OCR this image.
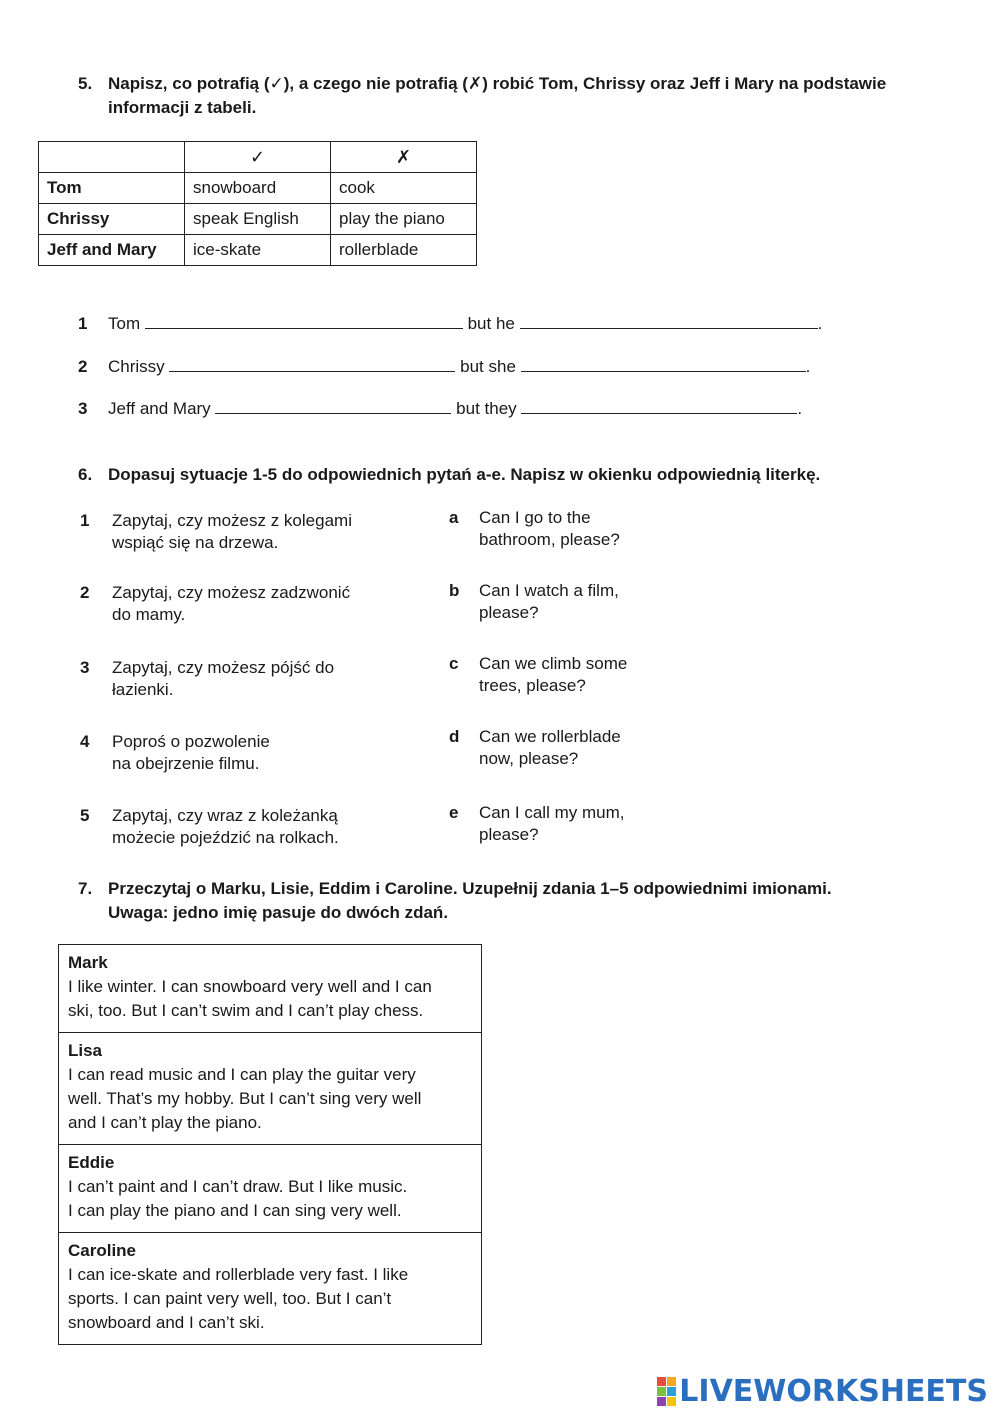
5. Napisz, co potrafią (✓), a czego nie potrafią (✗) robić Tom, Chrissy oraz Jeff i Mary na podstawie informacji z tabeli.
	✓	✗
Tom	snowboard	cook
Chrissy	speak English	play the piano
Jeff and Mary	ice-skate	rollerblade
1 Tom	but he	.
2 Chrissy	but she	.
3 Jeff and Mary	but they	.
6. Dopasuj sytuacje 1-5 do odpowiednich pytań a-e. Napisz w okienku odpowiednią literkę.
1 Zapytaj, czy możesz z kolegami
wspiąć się na drzewa.
2 Zapytaj, czy możesz zadzwonić
do mamy.
3 Zapytaj, czy możesz pójść do
łazienki.
4 Poproś o pozwolenie
na obejrzenie filmu.
5 Zapytaj, czy wraz z koleżanką
możecie pojeździć na rolkach.
a Can I go to the
bathroom, please?
b Can I watch a film,
please?
c Can we climb some
trees, please?
d Can we rollerblade
now, please?
e Can I call my mum,
please?
7. Przeczytaj o Marku, Lisie, Eddim i Caroline. Uzupełnij zdania 1–5 odpowiednimi imionami.
Uwaga: jedno imię pasuje do dwóch zdań.
Mark
I like winter. I can snowboard very well and I can
ski, too. But I can’t swim and I can’t play chess.
Lisa
I can read music and I can play the guitar very
well. That’s my hobby. But I can’t sing very well
and I can’t play the piano.
Eddie
I can’t paint and I can’t draw. But I like music.
I can play the piano and I can sing very well.
Caroline
I can ice-skate and rollerblade very fast. I like
sports. I can paint very well, too. But I can’t
snowboard and I can’t ski.
LIVEWORKSHEETS
